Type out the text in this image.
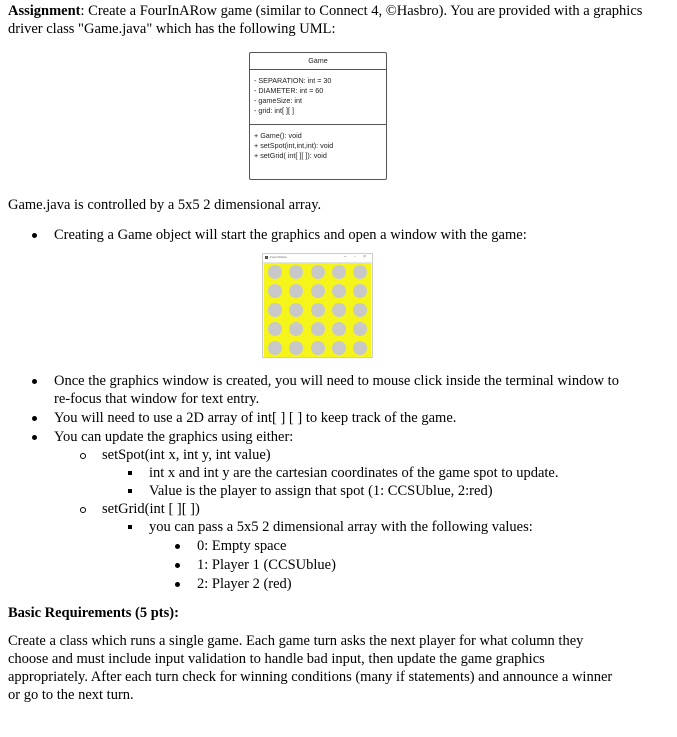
Assignment: Create a FourInARow game (similar to Connect 4, ©Hasbro). You are provided with a graphics driver class "Game.java" which has the following UML:
Game
- SEPARATION: int = 30
- DIAMETER: int = 60
- gameSize: int
- grid: int[ ][ ]
+ Game(): void
+ setSpot(int,int,int): void
+ setGrid( int[ ][ ]): void
Game.java is controlled by a 5x5 2 dimensional array.
Creating a Game object will start the graphics and open a window with the game:
FourInARow	– ▫ ×
Once the graphics window is created, you will need to mouse click inside the terminal window to
re-focus that window for text entry.
You will need to use a 2D array of int[ ] [ ] to keep track of the game.
You can update the graphics using either:
setSpot(int x, int y, int value)
int x and int y are the cartesian coordinates of the game spot to update.
Value is the player to assign that spot (1: CCSUblue, 2:red)
setGrid(int [ ][ ])
you can pass a 5x5 2 dimensional array with the following values:
0: Empty space
1: Player 1 (CCSUblue)
2: Player 2 (red)
Basic Requirements (5 pts):
Create a class which runs a single game. Each game turn asks the next player for what column they
choose and must include input validation to handle bad input, then update the game graphics
appropriately. After each turn check for winning conditions (many if statements) and announce a winner
or go to the next turn.
